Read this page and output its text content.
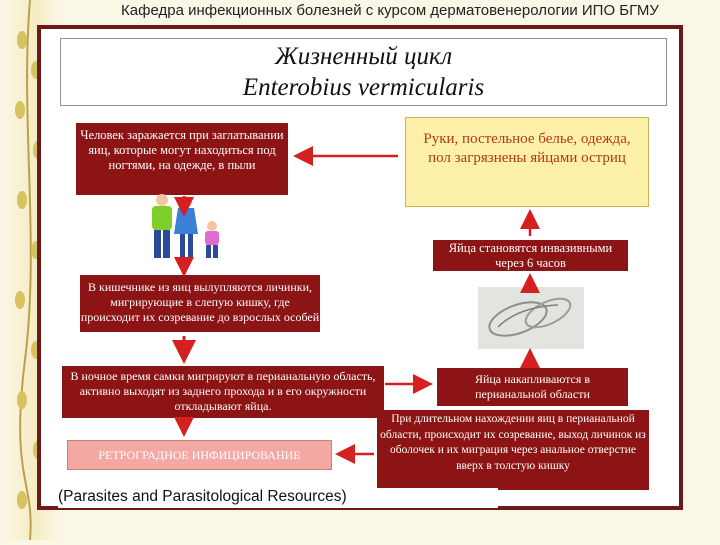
Кафедра инфекционных болезней с курсом дерматовенерологии ИПО БГМУ
Жизненный цикл
Enterobius vermicularis
Человек заражается при заглатывании яиц, которые могут находиться под ногтями, на одежде, в пыли
Руки, постельное белье, одежда, пол загрязнены яйцами остриц
Яйца становятся инвазивными через 6 часов
В кишечнике из яиц вылупляются личинки, мигрирующие в слепую кишку, где происходит их созревание до взрослых особей
В ночное время самки мигрируют в перианальную область, активно выходят из заднего прохода и в его окружности откладывают яйца.
Яйца накапливаются в перианальной области
При длительном нахождении яиц в перианальной области, происходит их созревание, выход личинок из оболочек и их миграция через анальное отверстие вверх в толстую кишку
РЕТРОГРАДНОЕ ИНФИЦИРОВАНИЕ
(Parasites and Parasitological Resources)
